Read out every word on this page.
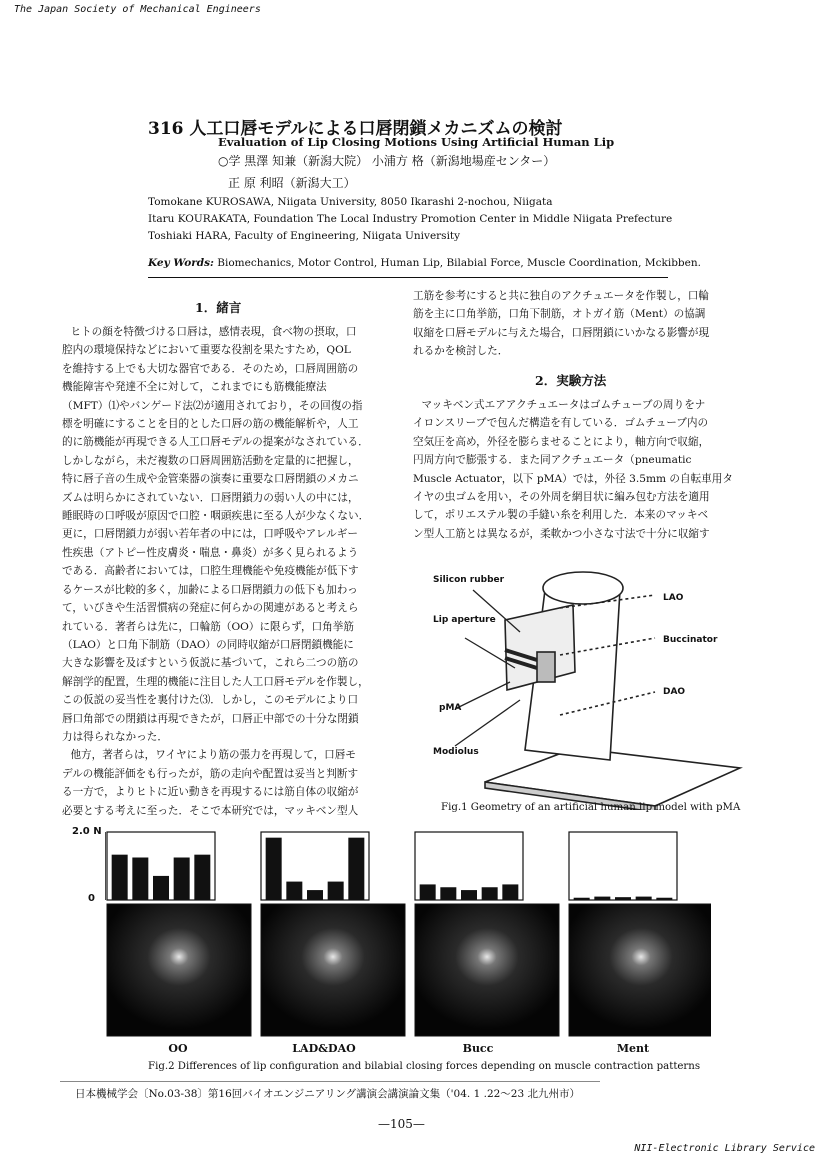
The Japan Society of Mechanical Engineers
316 人工口唇モデルによる口唇閉鎖メカニズムの検討
Evaluation of Lip Closing Motions Using Artificial Human Lip
○学 黒澤 知兼（新潟大院） 小浦方 格（新潟地場産センター）
正 原 利昭（新潟大工）
Tomokane KUROSAWA, Niigata University, 8050 Ikarashi 2-nochou, Niigata
Itaru KOURAKATA, Foundation The Local Industry Promotion Center in Middle Niigata Prefecture
Toshiaki HARA, Faculty of Engineering, Niigata University
Key Words: Biomechanics, Motor Control, Human Lip, Bilabial Force, Muscle Coordination, Mckibben.
1．緒言
ヒトの顔を特徴づける口唇は，感情表現，食べ物の摂取，口
腔内の環境保持などにおいて重要な役割を果たすため，QOL
を維持する上でも大切な器官である．そのため，口唇周囲筋の
機能障害や発達不全に対して，これまでにも筋機能療法
（MFT）⑴やバンゲード法⑵が適用されており，その回復の指
標を明確にすることを目的とした口唇の筋の機能解析や，人工
的に筋機能が再現できる人工口唇モデルの提案がなされている．
しかしながら，未だ複数の口唇周囲筋活動を定量的に把握し，
特に唇子音の生成や金管楽器の演奏に重要な口唇閉鎖のメカニ
ズムは明らかにされていない．口唇閉鎖力の弱い人の中には，
睡眠時の口呼吸が原因で口腔・咽頭疾患に至る人が少なくない．
更に，口唇閉鎖力が弱い若年者の中には，口呼吸やアレルギー
性疾患（アトピー性皮膚炎・喘息・鼻炎）が多く見られるよう
である．高齢者においては，口腔生理機能や免疫機能が低下す
るケースが比較的多く，加齢による口唇閉鎖力の低下も加わっ
て，いびきや生活習慣病の発症に何らかの関連があると考えら
れている．著者らは先に，口輪筋（OO）に限らず，口角挙筋
（LAO）と口角下制筋（DAO）の同時収縮が口唇閉鎖機能に
大きな影響を及ぼすという仮説に基づいて，これら二つの筋の
解剖学的配置，生理的機能に注目した人工口唇モデルを作製し，
この仮説の妥当性を裏付けた⑶．しかし，このモデルにより口
唇口角部での閉鎖は再現できたが，口唇正中部での十分な閉鎖
力は得られなかった．
他方，著者らは，ワイヤにより筋の張力を再現して，口唇モ
デルの機能評価をも行ったが，筋の走向や配置は妥当と判断す
る一方で，よりヒトに近い動きを再現するには筋自体の収縮が
必要とする考えに至った．そこで本研究では，マッキベン型人
工筋を参考にすると共に独自のアクチュエータを作製し，口輪
筋を主に口角挙筋，口角下制筋，オトガイ筋（Ment）の協調
収縮を口唇モデルに与えた場合，口唇閉鎖にいかなる影響が現
れるかを検討した．
2．実験方法
マッキベン式エアアクチュエータはゴムチューブの周りをナ
イロンスリーブで包んだ構造を有している．ゴムチューブ内の
空気圧を高め，外径を膨らませることにより，軸方向で収縮，
円周方向で膨張する．また同アクチュエータ（pneumatic
Muscle Actuator，以下 pMA）では，外径 3.5mm の自転車用タ
イヤの虫ゴムを用い，その外周を網目状に編み包む方法を適用
して，ポリエステル製の手縫い糸を利用した．本来のマッキベ
ン型人工筋とは異なるが，柔軟かつ小さな寸法で十分に収縮す
Silicon rubber
Lip aperture
pMA
Modiolus
LAO
Buccinator
DAO
Fig.1 Geometry of an artificial human lip model with pMA
2.0 N
0
OO	LAD&DAO	Bucc	Ment
Fig.2 Differences of lip configuration and bilabial closing forces depending on muscle contraction patterns
日本機械学会〔No.03-38〕第16回バイオエンジニアリング講演会講演論文集（'04. 1 .22～23 北九州市）
—105—
NII-Electronic Library Service
